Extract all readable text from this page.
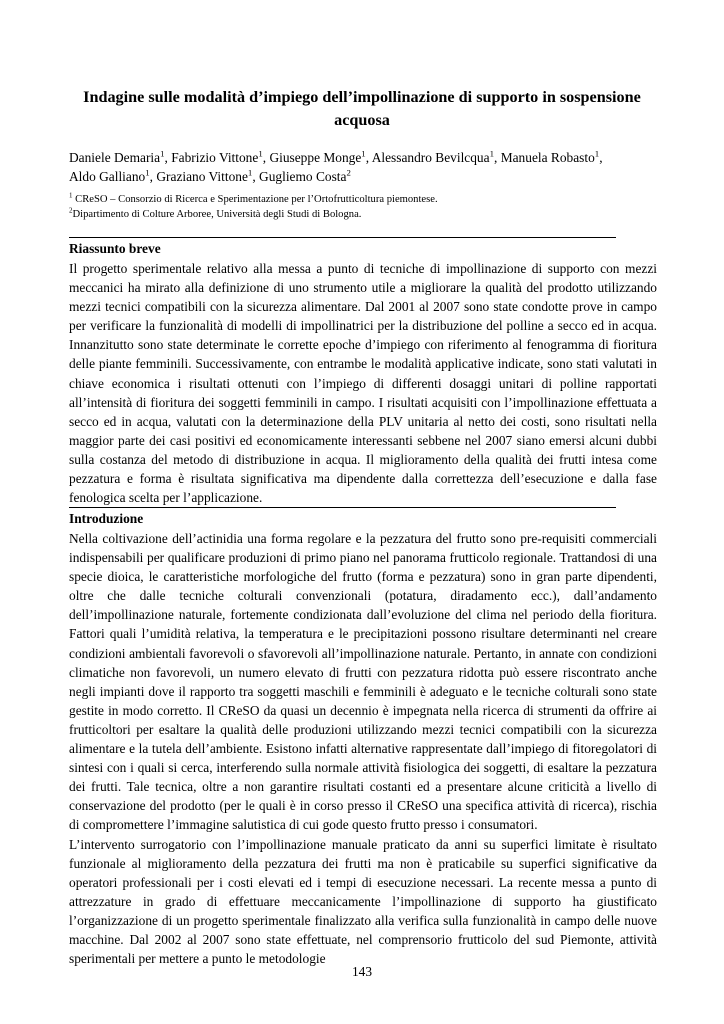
Indagine sulle modalità d’impiego dell’impollinazione di supporto in sospensione acquosa
Daniele Demaria$^1$, Fabrizio Vittone$^1$, Giuseppe Monge$^1$, Alessandro Bevilcqua$^1$, Manuela Robasto$^1$,
Aldo Galliano$^1$, Graziano Vittone$^1$, Gugliemo Costa$^2$
$^1$ CReSO – Consorzio di Ricerca e Sperimentazione per l’Ortofrutticoltura piemontese.
$^2$Dipartimento di Colture Arboree, Università degli Studi di Bologna.
Riassunto breve

Il progetto sperimentale relativo alla messa a punto di tecniche di impollinazione di supporto con mezzi meccanici ha mirato alla definizione di uno strumento utile a migliorare la qualità del prodotto utilizzando mezzi tecnici compatibili con la sicurezza alimentare. Dal 2001 al 2007 sono state condotte prove in campo per verificare la funzionalità di modelli di impollinatrici per la distribuzione del polline a secco ed in acqua. Innanzitutto sono state determinate le corrette epoche d’impiego con riferimento al fenogramma di fioritura delle piante femminili. Successivamente, con entrambe le modalità applicative indicate, sono stati valutati in chiave economica i risultati ottenuti con l’impiego di differenti dosaggi unitari di polline rapportati all’intensità di fioritura dei soggetti femminili in campo. I risultati acquisiti con l’impollinazione effettuata a secco ed in acqua, valutati con la determinazione della PLV unitaria al netto dei costi, sono risultati nella maggior parte dei casi positivi ed economicamente interessanti sebbene nel 2007 siano emersi alcuni dubbi sulla costanza del metodo di distribuzione in acqua. Il miglioramento della qualità dei frutti intesa come pezzatura e forma è risultata significativa ma dipendente dalla correttezza dell’esecuzione e dalla fase fenologica scelta per l’applicazione.

Introduzione

Nella coltivazione dell’actinidia una forma regolare e la pezzatura del frutto sono pre-requisiti commerciali indispensabili per qualificare produzioni di primo piano nel panorama frutticolo regionale. Trattandosi di una specie dioica, le caratteristiche morfologiche del frutto (forma e pezzatura) sono in gran parte dipendenti, oltre che dalle tecniche colturali convenzionali (potatura, diradamento ecc.), dall’andamento dell’impollinazione naturale, fortemente condizionata dall’evoluzione del clima nel periodo della fioritura. Fattori quali l’umidità relativa, la temperatura e le precipitazioni possono risultare determinanti nel creare condizioni ambientali favorevoli o sfavorevoli all’impollinazione naturale. Pertanto, in annate con condizioni climatiche non favorevoli, un numero elevato di frutti con pezzatura ridotta può essere riscontrato anche negli impianti dove il rapporto tra soggetti maschili e femminili è adeguato e le tecniche colturali sono state gestite in modo corretto. Il CReSO da quasi un decennio è impegnata nella ricerca di strumenti da offrire ai frutticoltori per esaltare la qualità delle produzioni utilizzando mezzi tecnici compatibili con la sicurezza alimentare e la tutela dell’ambiente. Esistono infatti alternative rappresentate dall’impiego di fitoregolatori di sintesi con i quali si cerca, interferendo sulla normale attività fisiologica dei soggetti, di esaltare la pezzatura dei frutti. Tale tecnica, oltre a non garantire risultati costanti ed a presentare alcune criticità a livello di conservazione del prodotto (per le quali è in corso presso il CReSO una specifica attività di ricerca), rischia di compromettere l’immagine salutistica di cui gode questo frutto presso i consumatori.

L’intervento surrogatorio con l’impollinazione manuale praticato da anni su superfici limitate è risultato funzionale al miglioramento della pezzatura dei frutti ma non è praticabile su superfici significative da operatori professionali per i costi elevati ed i tempi di esecuzione necessari. La recente messa a punto di attrezzature in grado di effettuare meccanicamente l’impollinazione di supporto ha giustificato l’organizzazione di un progetto sperimentale finalizzato alla verifica sulla funzionalità in campo delle nuove macchine. Dal 2002 al 2007 sono state effettuate, nel comprensorio frutticolo del sud Piemonte, attività sperimentali per mettere a punto le metodologie

143
